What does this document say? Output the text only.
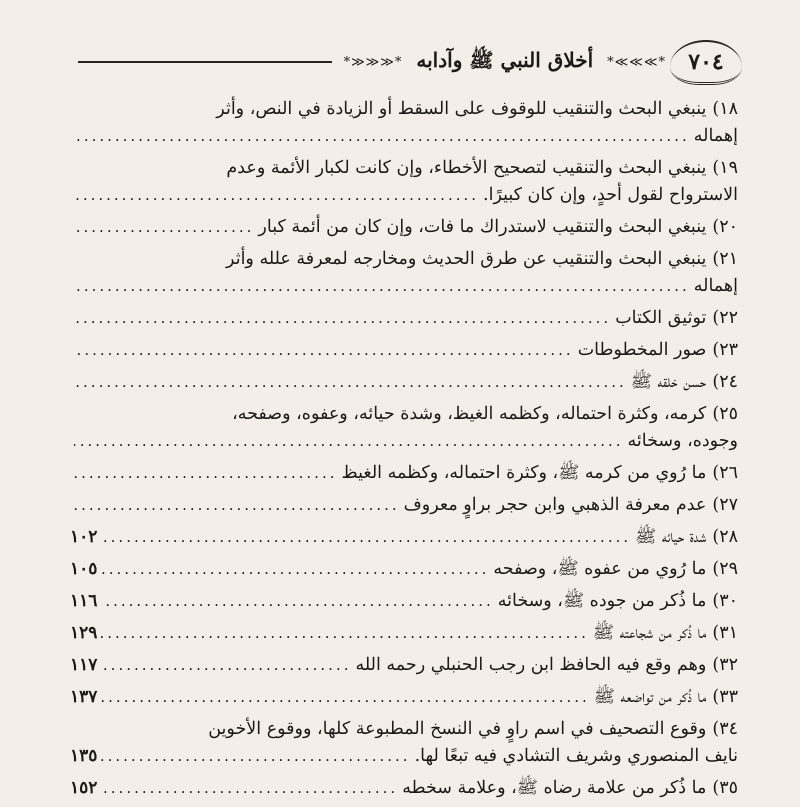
٧٠٤
*≫≫≫*
أخلاق النبي ﷺ وآدابه
*≪≪≪*
١٨)
ينبغي البحث والتنقيب للوقوف على السقط أو الزيادة في النص، وأثر
إهماله
.....
١٩)
ينبغي البحث والتنقيب لتصحيح الأخطاء، وإن كانت لكبار الأئمة وعدم
الاسترواح لقول أحدٍ، وإن كان كبيرًا.
.....
٢٠)
ينبغي البحث والتنقيب لاستدراك ما فات، وإن كان من أئمة كبار
.....
٢١)
ينبغي البحث والتنقيب عن طرق الحديث ومخارجه لمعرفة علله وأثر
إهماله
.....
٢٢)
توثيق الكتاب
.....
٢٣)
صور المخطوطات
.....
٢٤)
حسن خلقه ﷺ
.....
٢٥)
كرمه، وكثرة احتماله، وكظمه الغيظ، وشدة حيائه، وعفوه، وصفحه،
وجوده، وسخائه
.....
٢٦)
ما رُوي من كرمه ﷺ، وكثرة احتماله، وكظمه الغيظ
.....
٢٧)
عدم معرفة الذهبي وابن حجر براوٍ معروف
.....
٢٨)
شدة حيائه ﷺ
.....
١٠٢
٢٩)
ما رُوي من عفوه ﷺ، وصفحه
.....
١٠٥
٣٠)
ما ذُكر من جوده ﷺ، وسخائه
.....
١١٦
٣١)
ما ذُكر من شجاعته ﷺ
.....
١٢٩
٣٢)
وهم وقع فيه الحافظ ابن رجب الحنبلي رحمه الله
.....
١١٧
٣٣)
ما ذُكر من تواضعه ﷺ
.....
١٣٧
٣٤)
وقوع التصحيف في اسم راوٍ في النسخ المطبوعة كلها، ووقوع الأخوين
نايف المنصوري وشريف التشادي فيه تبعًا لها.
.....
١٣٥
٣٥)
ما ذُكر من علامة رضاه ﷺ، وعلامة سخطه
.....
١٥٢
